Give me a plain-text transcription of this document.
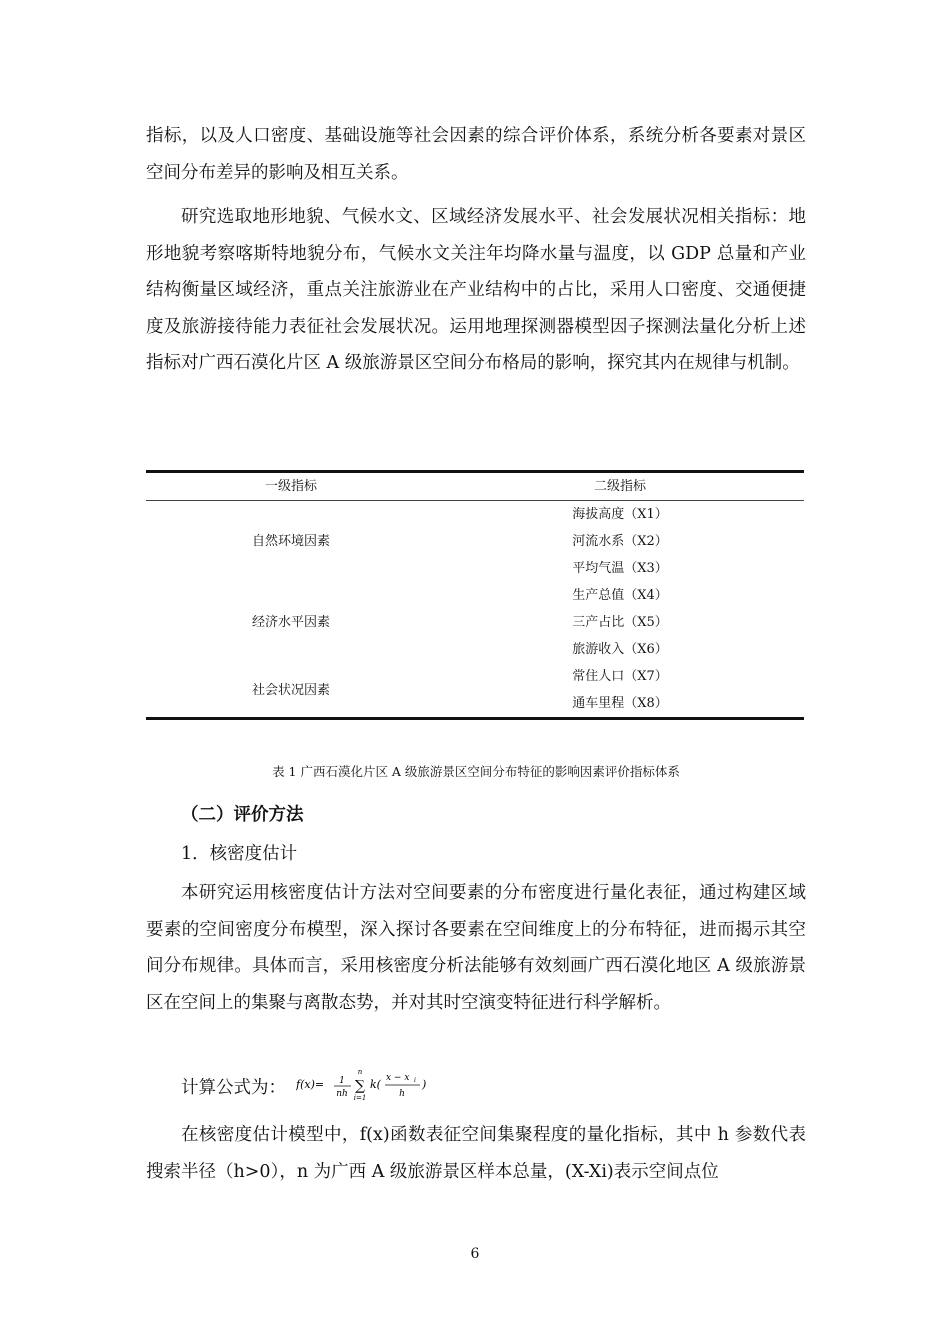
指标，以及人口密度、基础设施等社会因素的综合评价体系，系统分析各要素对景区空间分布差异的影响及相互关系。

研究选取地形地貌、气候水文、区域经济发展水平、社会发展状况相关指标：地形地貌考察喀斯特地貌分布，气候水文关注年均降水量与温度，以 GDP 总量和产业结构衡量区域经济，重点关注旅游业在产业结构中的占比，采用人口密度、交通便捷度及旅游接待能力表征社会发展状况。运用地理探测器模型因子探测法量化分析上述指标对广西石漠化片区 A 级旅游景区空间分布格局的影响，探究其内在规律与机制。

一级指标	二级指标
自然环境因素	海拔高度（X1）
	河流水系（X2）
	平均气温（X3）
经济水平因素	生产总值（X4）
	三产占比（X5）
	旅游收入（X6）
社会状况因素	常住人口（X7）
	通车里程（X8）
表 1 广西石漠化片区 A 级旅游景区空间分布特征的影响因素评价指标体系

（二）评价方法

1．核密度估计

本研究运用核密度估计方法对空间要素的分布密度进行量化表征，通过构建区域要素的空间密度分布模型，深入探讨各要素在空间维度上的分布特征，进而揭示其空间分布规律。具体而言，采用核密度分析法能够有效刻画广西石漠化地区 A 级旅游景区在空间上的集聚与离散态势，并对其时空演变特征进行科学解析。

计算公式为： f(x)= 1
nh
n
∑
i=1
k( x − x i
h
)

在核密度估计模型中，f(x)函数表征空间集聚程度的量化指标，其中 h 参数代表搜索半径（h>0），n 为广西 A 级旅游景区样本总量，(X-Xi)表示空间点位

6
